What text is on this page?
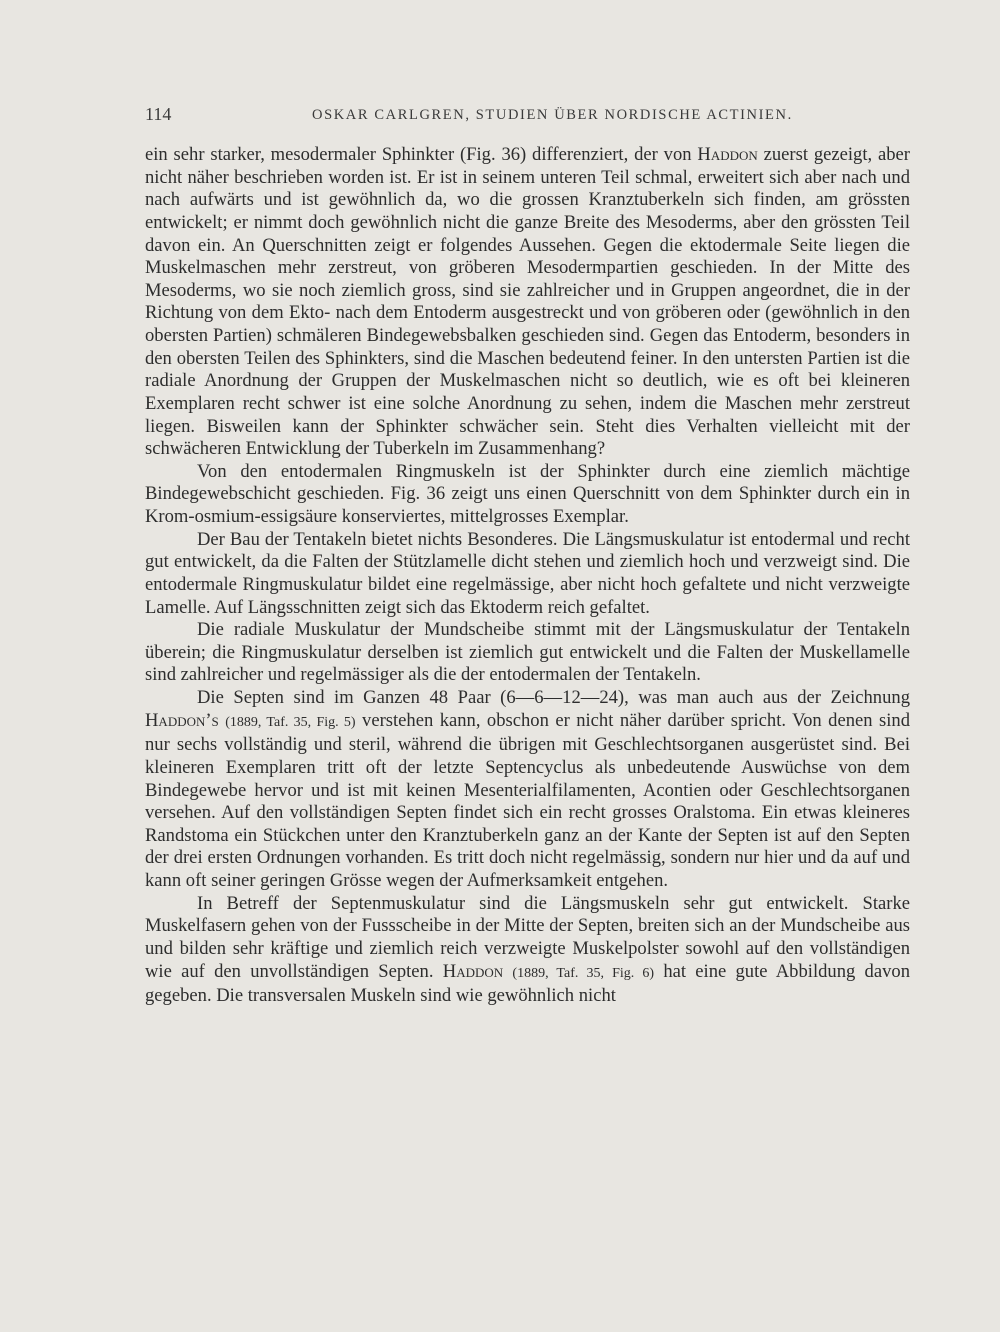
114	OSKAR CARLGREN, STUDIEN ÜBER NORDISCHE ACTINIEN.

ein sehr starker, mesodermaler Sphinkter (Fig. 36) differenziert, der von Haddon zuerst gezeigt, aber nicht näher beschrieben worden ist. Er ist in seinem unteren Teil schmal, erweitert sich aber nach und nach aufwärts und ist gewöhnlich da, wo die grossen Kranztuberkeln sich finden, am grössten entwickelt; er nimmt doch gewöhnlich nicht die ganze Breite des Mesoderms, aber den grössten Teil davon ein. An Querschnitten zeigt er folgendes Aussehen. Gegen die ektodermale Seite liegen die Muskelmaschen mehr zerstreut, von gröberen Mesodermpartien geschieden. In der Mitte des Mesoderms, wo sie noch ziemlich gross, sind sie zahlreicher und in Gruppen angeordnet, die in der Richtung von dem Ekto- nach dem Entoderm ausgestreckt und von gröberen oder (gewöhnlich in den obersten Partien) schmäleren Bindegewebsbalken geschieden sind. Gegen das Entoderm, besonders in den obersten Teilen des Sphinkters, sind die Maschen bedeutend feiner. In den untersten Partien ist die radiale Anordnung der Gruppen der Muskelmaschen nicht so deutlich, wie es oft bei kleineren Exemplaren recht schwer ist eine solche Anordnung zu sehen, indem die Maschen mehr zerstreut liegen. Bisweilen kann der Sphinkter schwächer sein. Steht dies Verhalten vielleicht mit der schwächeren Entwicklung der Tuberkeln im Zusammenhang?

Von den entodermalen Ringmuskeln ist der Sphinkter durch eine ziemlich mächtige Bindegewebschicht geschieden. Fig. 36 zeigt uns einen Querschnitt von dem Sphinkter durch ein in Krom-osmium-essigsäure konserviertes, mittelgrosses Exemplar.

Der Bau der Tentakeln bietet nichts Besonderes. Die Längsmuskulatur ist entodermal und recht gut entwickelt, da die Falten der Stützlamelle dicht stehen und ziemlich hoch und verzweigt sind. Die entodermale Ringmuskulatur bildet eine regelmässige, aber nicht hoch gefaltete und nicht verzweigte Lamelle. Auf Längsschnitten zeigt sich das Ektoderm reich gefaltet.

Die radiale Muskulatur der Mundscheibe stimmt mit der Längsmuskulatur der Tentakeln überein; die Ringmuskulatur derselben ist ziemlich gut entwickelt und die Falten der Muskellamelle sind zahlreicher und regelmässiger als die der entodermalen der Tentakeln.

Die Septen sind im Ganzen 48 Paar (6—6—12—24), was man auch aus der Zeichnung Haddon’s (1889, Taf. 35, Fig. 5) verstehen kann, obschon er nicht näher darüber spricht. Von denen sind nur sechs vollständig und steril, während die übrigen mit Geschlechtsorganen ausgerüstet sind. Bei kleineren Exemplaren tritt oft der letzte Septencyclus als unbedeutende Auswüchse von dem Bindegewebe hervor und ist mit keinen Mesenterialfilamenten, Acontien oder Geschlechtsorganen versehen. Auf den vollständigen Septen findet sich ein recht grosses Oralstoma. Ein etwas kleineres Randstoma ein Stückchen unter den Kranztuberkeln ganz an der Kante der Septen ist auf den Septen der drei ersten Ordnungen vorhanden. Es tritt doch nicht regelmässig, sondern nur hier und da auf und kann oft seiner geringen Grösse wegen der Aufmerksamkeit entgehen.

In Betreff der Septenmuskulatur sind die Längsmuskeln sehr gut entwickelt. Starke Muskelfasern gehen von der Fussscheibe in der Mitte der Septen, breiten sich an der Mundscheibe aus und bilden sehr kräftige und ziemlich reich verzweigte Muskelpolster sowohl auf den vollständigen wie auf den unvollständigen Septen. Haddon (1889, Taf. 35, Fig. 6) hat eine gute Abbildung davon gegeben. Die transversalen Muskeln sind wie gewöhnlich nicht
